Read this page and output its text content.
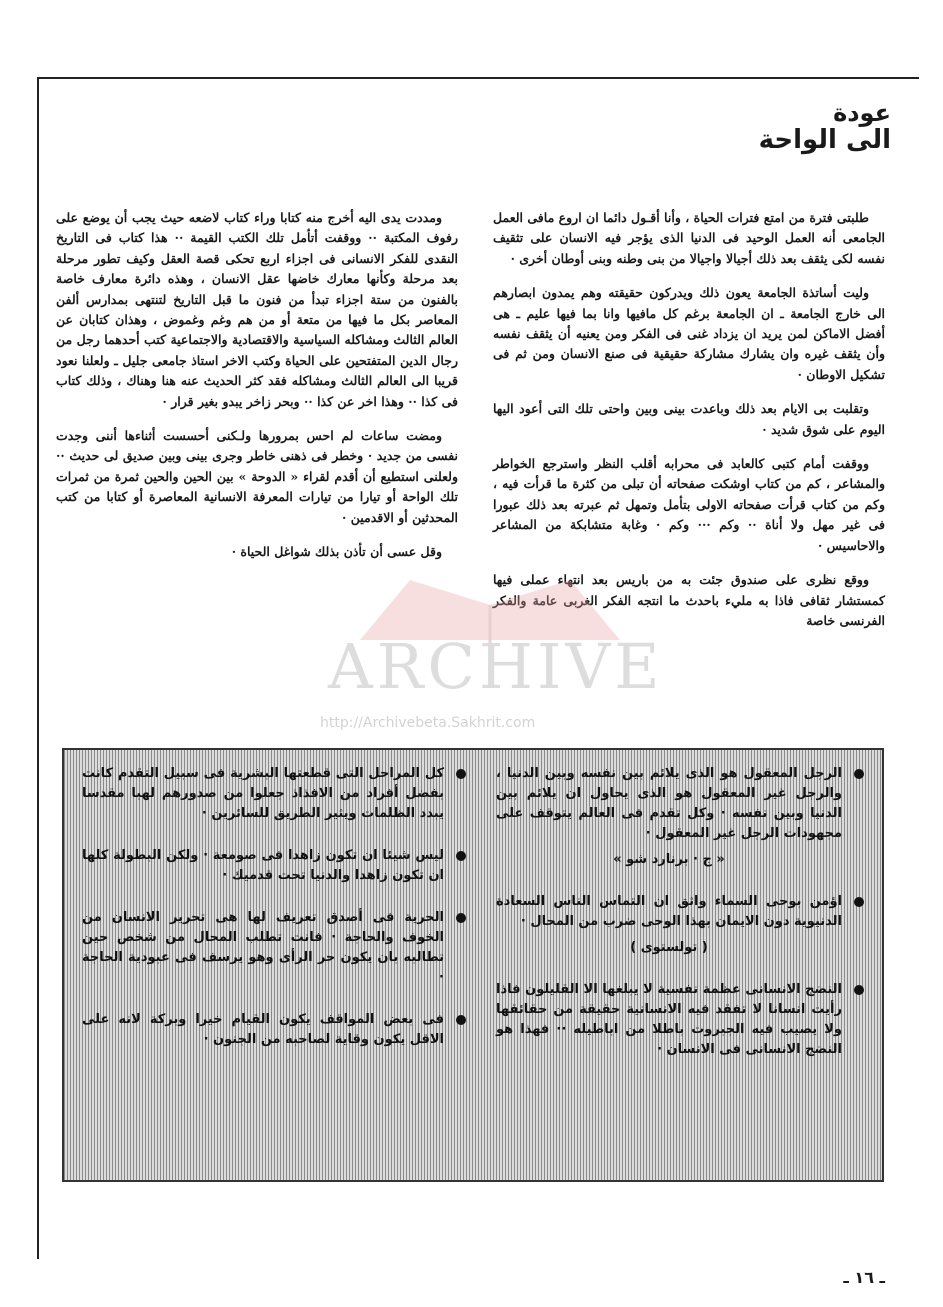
عودة
الى الواحة

طلبتى فترة من امتع فترات الحياة ، وأنا أقـول دائما ان اروع مافى العمل الجامعى أنه العمل الوحيد فى الدنيا الذى يؤجر فيه الانسان على تثقيف نفسه لكى يثقف بعد ذلك أجيالا واجيالا من بنى وطنه وبنى أوطان أخرى ·

وليت أساتذة الجامعة يعون ذلك ويدركون حقيقته وهم يمدون ابصارهم الى خارج الجامعة ـ ان الجامعة برغم كل مافيها وانا بما فيها عليم ـ هى أفضل الاماكن لمن يريد ان يزداد غنى فى الفكر ومن يعنيه أن يثقف نفسه وأن يثقف غيره وان يشارك مشاركة حقيقية فى صنع الانسان ومن ثم فى تشكيل الاوطان ·

وتقلبت بى الايام بعد ذلك وباعدت بينى وبين واحتى تلك التى أعود اليها اليوم على شوق شديد ·

ووقفت أمام كتبى كالعابد فى محرابه أقلب النظر واسترجع الخواطر والمشاعر ، كم من كتاب اوشكت صفحاته أن تبلى من كثرة ما قرأت فيه ، وكم من كتاب قرأت صفحاته الاولى بتأمل وتمهل ثم عبرته بعد ذلك عبورا فى غير مهل ولا أناة ·· وكم ··· وكم · وغابة متشابكة من المشاعر والاحاسيس ·

ووقع نظرى على صندوق جئت به من باريس بعد انتهاء عملى فيها كمستشار ثقافى فاذا به مليء باحدث ما انتجه الفكر الغربى عامة والفكر الفرنسى خاصة

ومددت يدى اليه أخرج منه كتابا وراء كتاب لاضعه حيث يجب أن يوضع على رفوف المكتبة ·· ووقفت أتأمل تلك الكتب القيمة ·· هذا كتاب فى التاريخ النقدى للفكر الانسانى فى اجزاء اربع تحكى قصة العقل وكيف تطور مرحلة بعد مرحلة وكأنها معارك خاضها عقل الانسان ، وهذه دائرة معارف خاصة بالفنون من ستة اجزاء تبدأ من فنون ما قبل التاريخ لتنتهى بمدارس ألفن المعاصر بكل ما فيها من متعة أو من هم وغم وغموض ، وهذان كتابان عن العالم الثالث ومشاكله السياسية والاقتصادية والاجتماعية كتب أحدهما رجل من رجال الدين المتفتحين على الحياة وكتب الاخر استاذ جامعى جليل ـ ولعلنا نعود قريبا الى العالم الثالث ومشاكله فقد كثر الحديث عنه هنا وهناك ، وذلك كتاب فى كذا ·· وهذا اخر عن كذا ·· وبحر زاخر يبدو بغير قرار ·

ومضت ساعات لم احس بمرورها ولـكنى أحسست أثناءها أننى وجدت نفسى من جديد · وخطر فى ذهنى خاطر وجرى بينى وبين صديق لى حديث ·· ولعلنى استطيع أن أقدم لقراء « الدوحة » بين الحين والحين ثمرة من ثمرات تلك الواحة أو تيارا من تيارات المعرفة الانسانية المعاصرة أو كتابا من كتب المحدثين أو الاقدمين ·

وقل عسى أن تأذن بذلك شواغل الحياة ·

ARCHIVE
http://Archivebeta.Sakhrit.com
الرجل المعقول هو الذى يلائم بين نفسه وبين الدنيا ، والرجل غير المعقول هو الذى يحاول ان يلائم بين الدنيا وبين نفسه · وكل تقدم فى العالم يتوقف على مجهودات الرجل غير المعقول ·
« ج · برنارد شو »
اؤمن بوحى السماء واثق ان التماس الناس السعادة الدنيوية دون الايمان بهذا الوحى ضرب من المحال ·
( تولستوى )
النضج الانسانى عظمة نفسية لا يبلغها الا القليلون فاذا رأيت انسانا لا تفقد فيه الانسانية حقيقة من حقائقها ولا يصيب فيه الجبروت باطلا من اباطيله ·· فهذا هو النضج الانسانى فى الانسان ·
كل المراحل التى قطعتها البشرية فى سبيل التقدم كانت بفضل أفراد من الافذاذ جعلوا من صدورهم لهبا مقدسا يبدد الظلمات ويثير الطريق للسائرين ·
ليس شيئا ان تكون زاهدا فى صومعة · ولكن البطولة كلها ان تكون زاهدا والدنيا تحت قدميك ·
الحرية فى أصدق تعريف لها هى تحرير الانسان من الخوف والحاجة · فانت تطلب المحال من شخص حين تطالبه بان يكون حر الرأى وهو يرسف فى عبودية الحاجة ·
فى بعض المواقف يكون القيام خيرا وبركة لانه على الاقل يكون وقاية لصاحبه من الجنون ·
ـ ١٦ ـ
